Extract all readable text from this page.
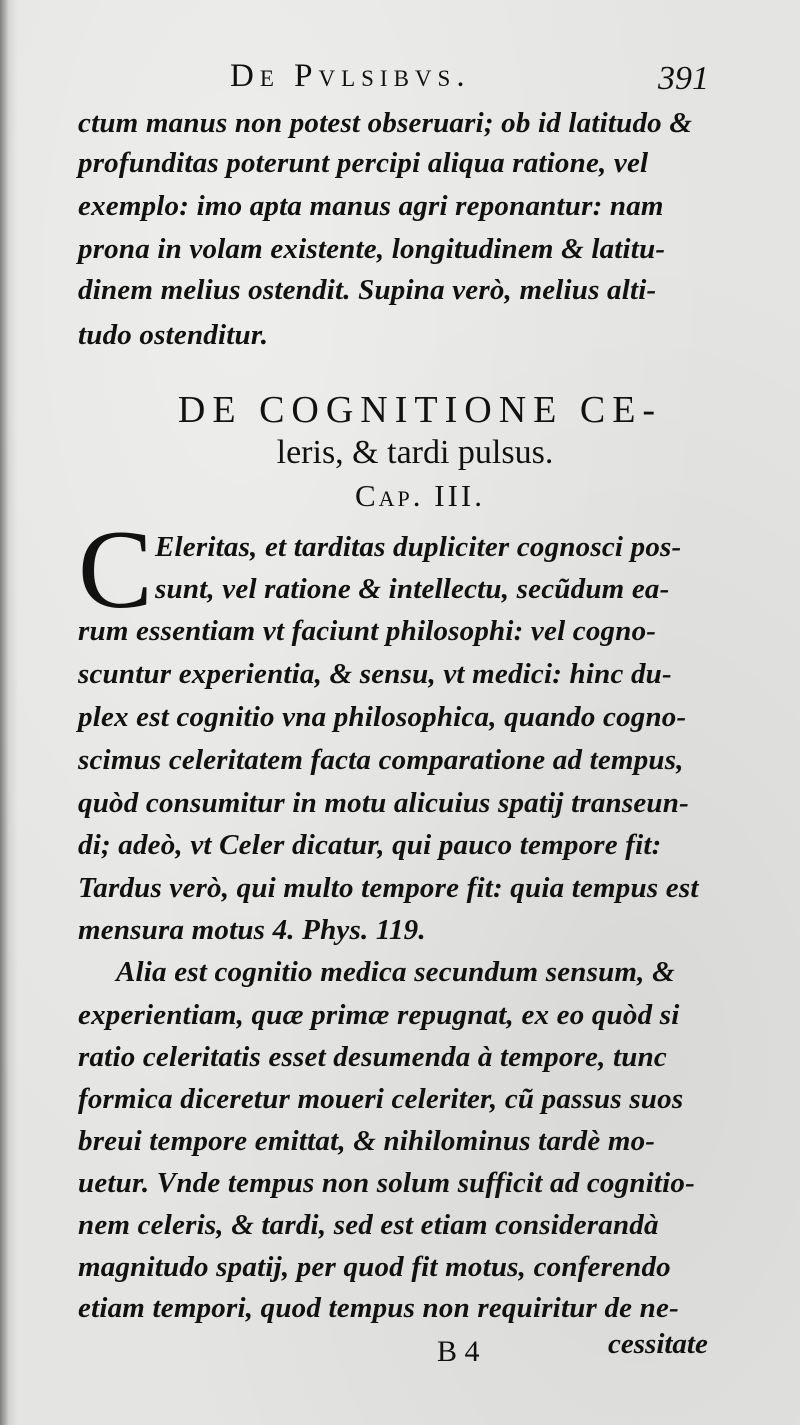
De Pvlsibvs.	391
ctum manus non potest obseruari; ob id latitudo &
profunditas poterunt percipi aliqua ratione, vel
exemplo: imo apta manus agri reponantur: nam
prona in volam existente, longitudinem & latitu-
dinem melius ostendit. Supina verò, melius alti-
tudo ostenditur.
DE COGNITIONE CE-
leris, & tardi pulsus.
Cap. III.
C Eleritas, et tarditas dupliciter cognosci pos-
sunt, vel ratione & intellectu, secũdum ea-
rum essentiam vt faciunt philosophi: vel cogno-
scuntur experientia, & sensu, vt medici: hinc du-
plex est cognitio vna philosophica, quando cogno-
scimus celeritatem facta comparatione ad tempus,
quòd consumitur in motu alicuius spatij transeun-
di; adeò, vt Celer dicatur, qui pauco tempore fit:
Tardus verò, qui multo tempore fit: quia tempus est
mensura motus 4. Phys. 119.
Alia est cognitio medica secundum sensum, &
experientiam, quæ primæ repugnat, ex eo quòd si
ratio celeritatis esset desumenda à tempore, tunc
formica diceretur moueri celeriter, cũ passus suos
breui tempore emittat, & nihilominus tardè mo-
uetur. Vnde tempus non solum sufficit ad cognitio-
nem celeris, & tardi, sed est etiam considerandà
magnitudo spatij, per quod fit motus, conferendo
etiam tempori, quod tempus non requiritur de ne-
B 4	cessitate
